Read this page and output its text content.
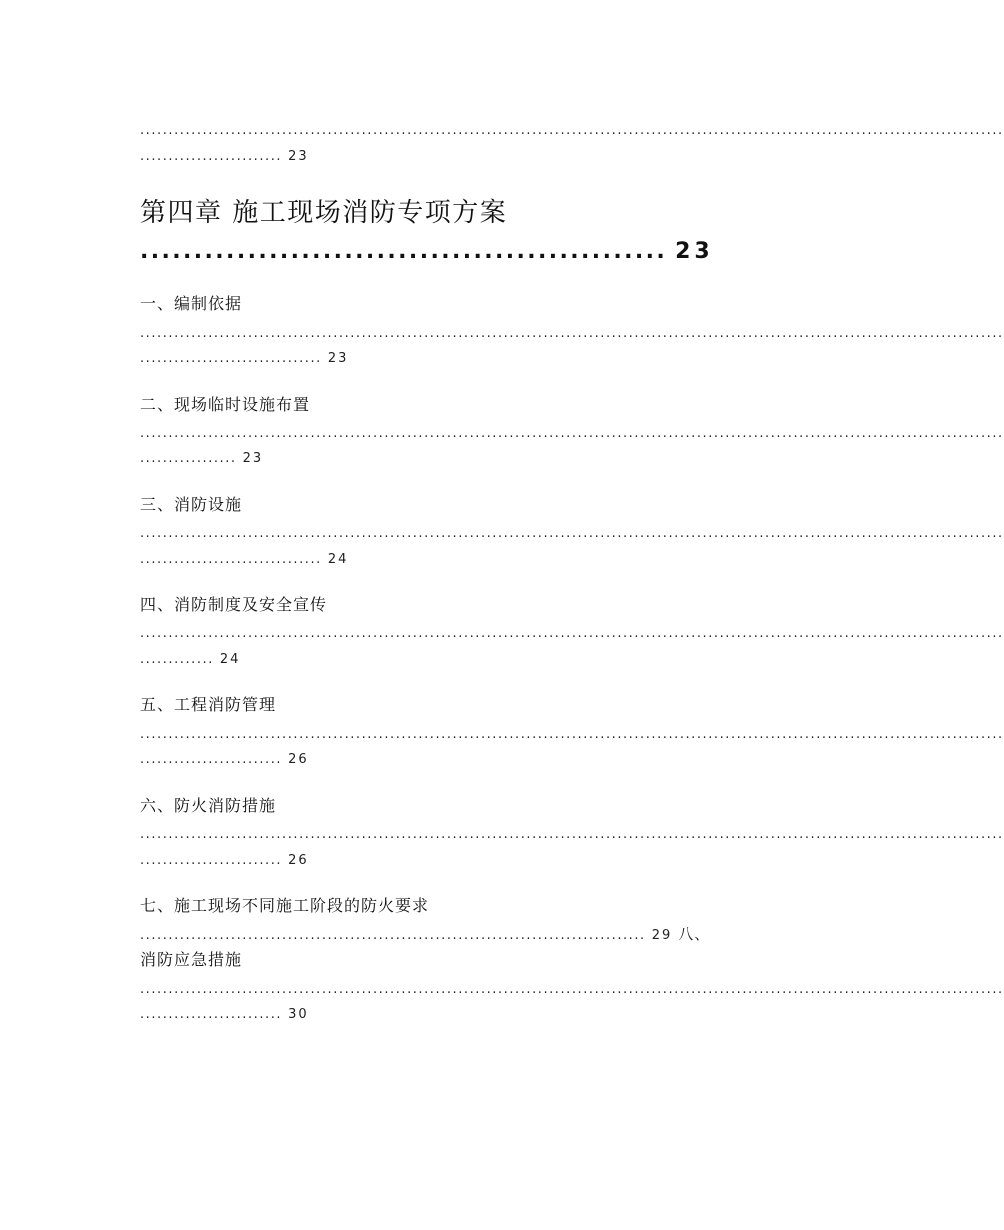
........................................................................................................................................................
......................... 23
第四章 施工现场消防专项方案
................................................. 23
一、编制依据
........................................................................................................................................................
................................ 23
二、现场临时设施布置
........................................................................................................................................................
................. 23
三、消防设施
........................................................................................................................................................
................................ 24
四、消防制度及安全宣传
........................................................................................................................................................
............. 24
五、工程消防管理
........................................................................................................................................................
......................... 26
六、防火消防措施
........................................................................................................................................................
......................... 26
七、施工现场不同施工阶段的防火要求
......................................................................................... 29 八、
消防应急措施
........................................................................................................................................................
......................... 30
